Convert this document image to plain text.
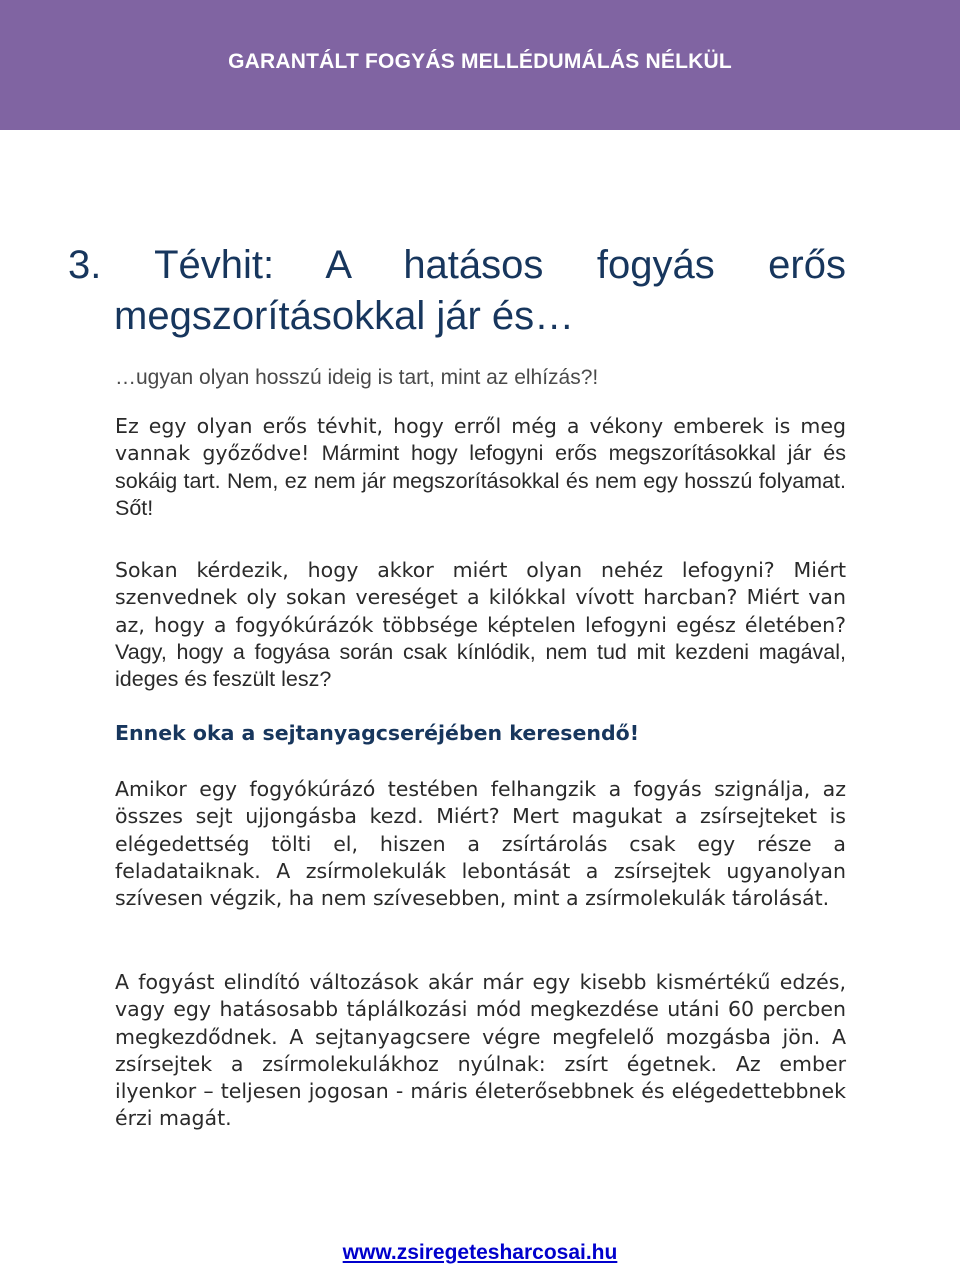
GARANTÁLT FOGYÁS MELLÉDUMÁLÁS NÉLKÜL
3. Tévhit: A hatásos fogyás erős
megszorításokkal jár és…
…ugyan olyan hosszú ideig is tart, mint az elhízás?!
Ez egy olyan erős tévhit, hogy erről még a vékony emberek is meg vannak győződve! Mármint hogy lefogyni erős megszorításokkal jár és sokáig tart. Nem, ez nem jár megszorításokkal és nem egy hosszú folyamat. Sőt!
Sokan kérdezik, hogy akkor miért olyan nehéz lefogyni? Miért szenvednek oly sokan vereséget a kilókkal vívott harcban? Miért van az, hogy a fogyókúrázók többsége képtelen lefogyni egész életében? Vagy, hogy a fogyása során csak kínlódik, nem tud mit kezdeni magával, ideges és feszült lesz?
Ennek oka a sejtanyagcseréjében keresendő!
Amikor egy fogyókúrázó testében felhangzik a fogyás szignálja, az összes sejt ujjongásba kezd. Miért? Mert magukat a zsírsejteket is elégedettség tölti el, hiszen a zsírtárolás csak egy része a feladataiknak. A zsírmolekulák lebontását a zsírsejtek ugyanolyan szívesen végzik, ha nem szívesebben, mint a zsírmolekulák tárolását.
A fogyást elindító változások akár már egy kisebb kismértékű edzés, vagy egy hatásosabb táplálkozási mód megkezdése utáni 60 percben megkezdődnek. A sejtanyagcsere végre megfelelő mozgásba jön. A zsírsejtek a zsírmolekulákhoz nyúlnak: zsírt égetnek. Az ember ilyenkor – teljesen jogosan - máris életerősebbnek és elégedettebbnek érzi magát.
www.zsiregetesharcosai.hu
